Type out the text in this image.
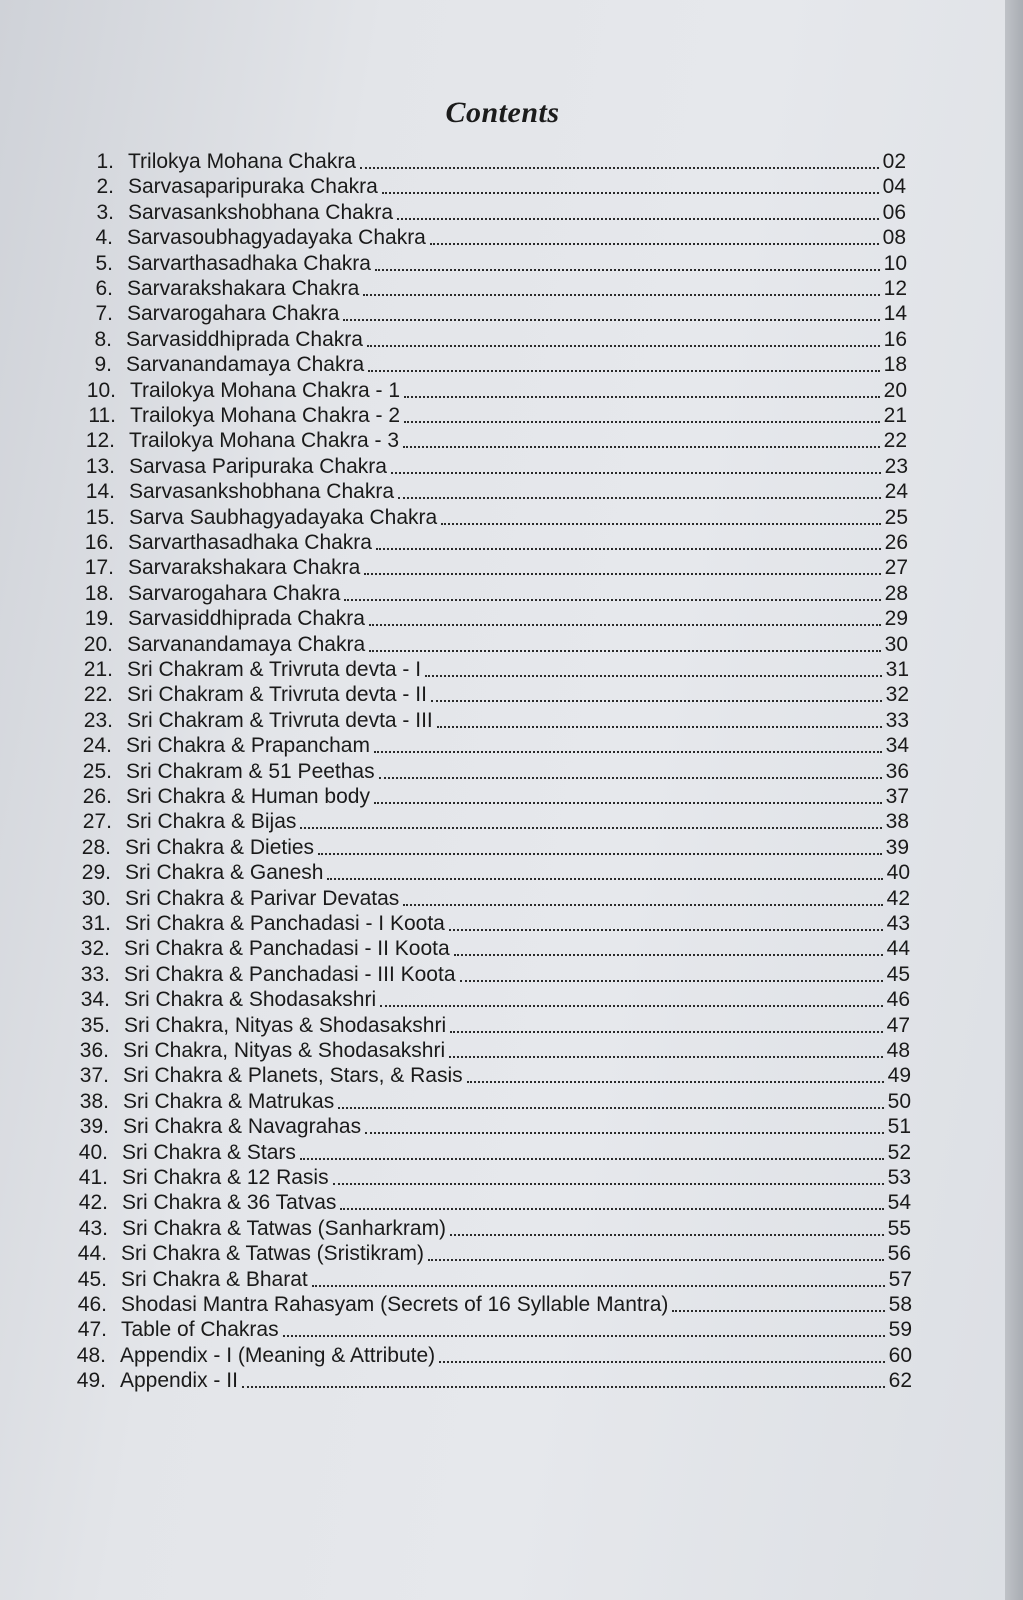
Contents
1. Trilokya Mohana Chakra	02
2. Sarvasaparipuraka Chakra	04
3. Sarvasankshobhana Chakra	06
4. Sarvasoubhagyadayaka Chakra	08
5. Sarvarthasadhaka Chakra	10
6. Sarvarakshakara Chakra	12
7. Sarvarogahara Chakra	14
8. Sarvasiddhiprada Chakra	16
9. Sarvanandamaya Chakra	18
10. Trailokya Mohana Chakra - 1	20
11. Trailokya Mohana Chakra - 2	21
12. Trailokya Mohana Chakra - 3	22
13. Sarvasa Paripuraka Chakra	23
14. Sarvasankshobhana Chakra	24
15. Sarva Saubhagyadayaka Chakra	25
16. Sarvarthasadhaka Chakra	26
17. Sarvarakshakara Chakra	27
18. Sarvarogahara Chakra	28
19. Sarvasiddhiprada Chakra	29
20. Sarvanandamaya Chakra	30
21. Sri Chakram & Trivruta devta - I	31
22. Sri Chakram & Trivruta devta - II	32
23. Sri Chakram & Trivruta devta - III	33
24. Sri Chakra & Prapancham	34
25. Sri Chakram & 51 Peethas	36
26. Sri Chakra & Human body	37
27. Sri Chakra & Bijas	38
28. Sri Chakra & Dieties	39
29. Sri Chakra & Ganesh	40
30. Sri Chakra & Parivar Devatas	42
31. Sri Chakra & Panchadasi - I Koota	43
32. Sri Chakra & Panchadasi - II Koota	44
33. Sri Chakra & Panchadasi - III Koota	45
34. Sri Chakra & Shodasakshri	46
35. Sri Chakra, Nityas & Shodasakshri	47
36. Sri Chakra, Nityas & Shodasakshri	48
37. Sri Chakra & Planets, Stars, & Rasis	49
38. Sri Chakra & Matrukas	50
39. Sri Chakra & Navagrahas	51
40. Sri Chakra & Stars	52
41. Sri Chakra & 12 Rasis	53
42. Sri Chakra & 36 Tatvas	54
43. Sri Chakra & Tatwas (Sanharkram)	55
44. Sri Chakra & Tatwas (Sristikram)	56
45. Sri Chakra & Bharat	57
46. Shodasi Mantra Rahasyam (Secrets of 16 Syllable Mantra)	58
47. Table of Chakras	59
48. Appendix - I (Meaning & Attribute)	60
49. Appendix - II	62
